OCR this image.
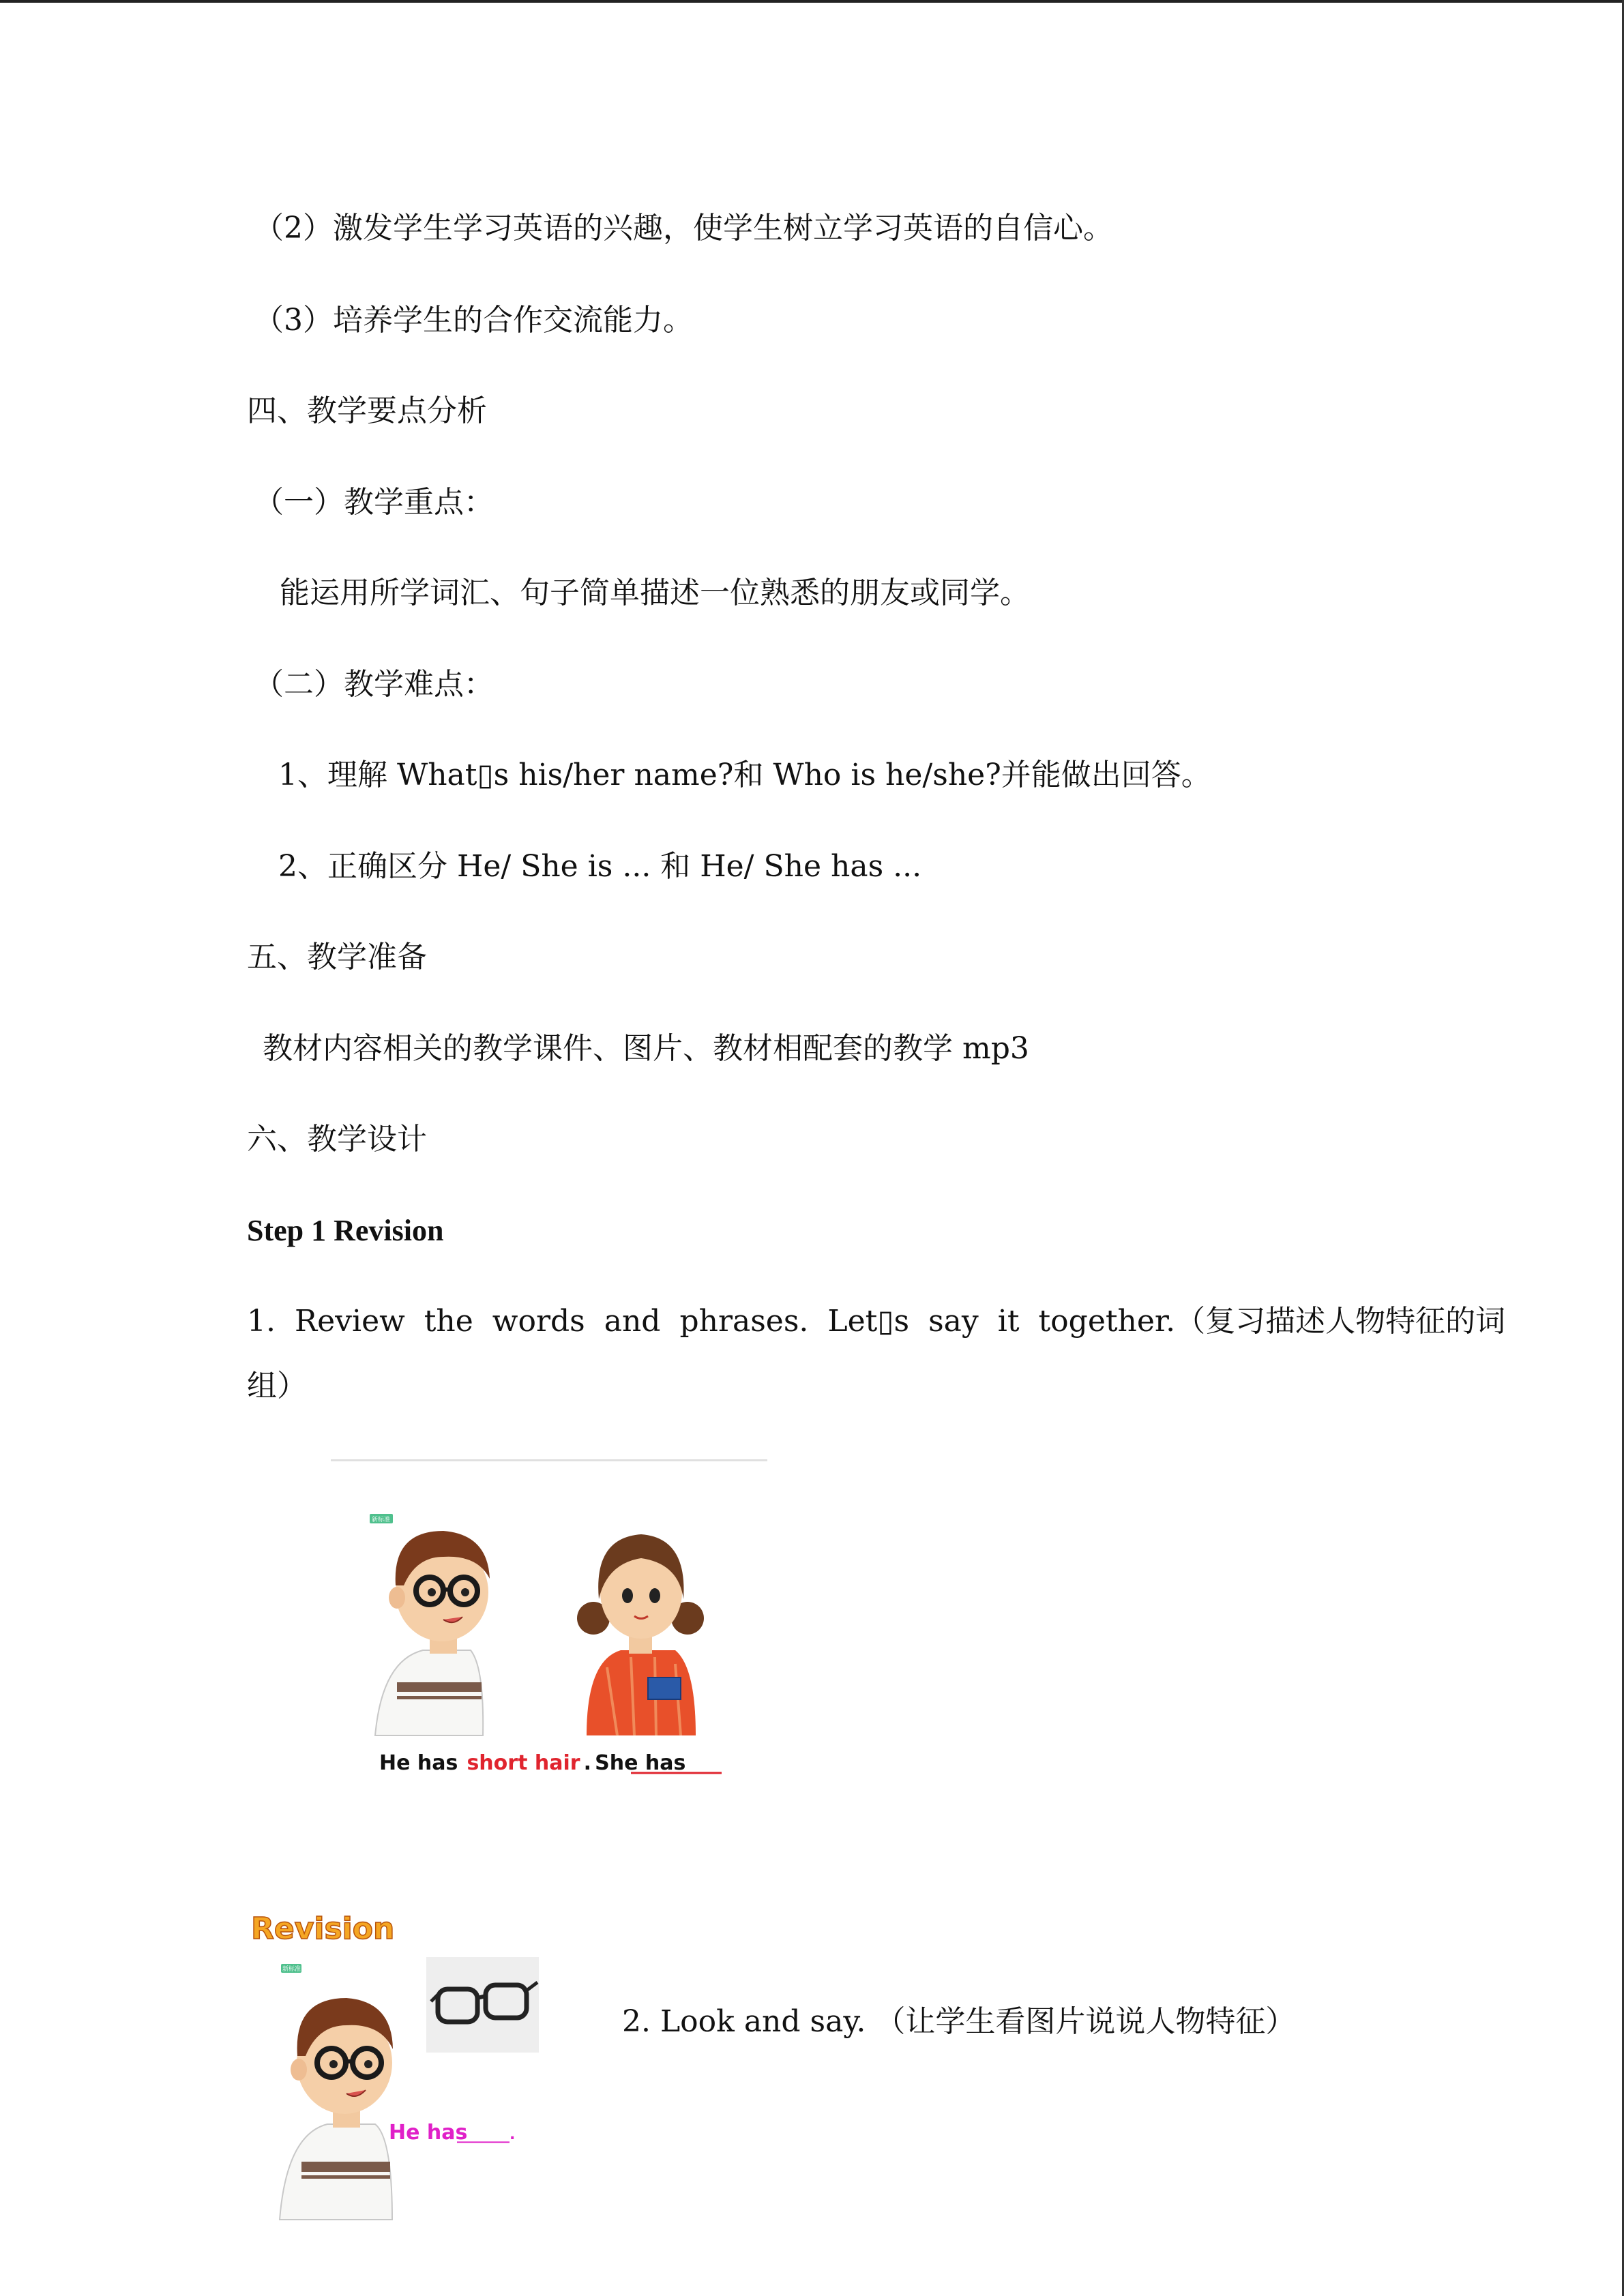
（2）激发学生学习英语的兴趣，使学生树立学习英语的自信心。
（3）培养学生的合作交流能力。
四、教学要点分析
（一）教学重点：
能运用所学词汇、句子简单描述一位熟悉的朋友或同学。
（二）教学难点：
1、理解 What▯s his/her name?和 Who is he/she?并能做出回答。
2、正确区分 He/ She is ... 和 He/ She has ...
五、教学准备
教材内容相关的教学课件、图片、教材相配套的教学 mp3
六、教学设计
Step 1 Revision
1. Review the words and phrases. Let▯s say it together.（复习描述人物特征的词
组）
2. Look and say. （让学生看图片说说人物特征）
新标准
He has short hair . She has
Revision
新标准
He has
_______.
